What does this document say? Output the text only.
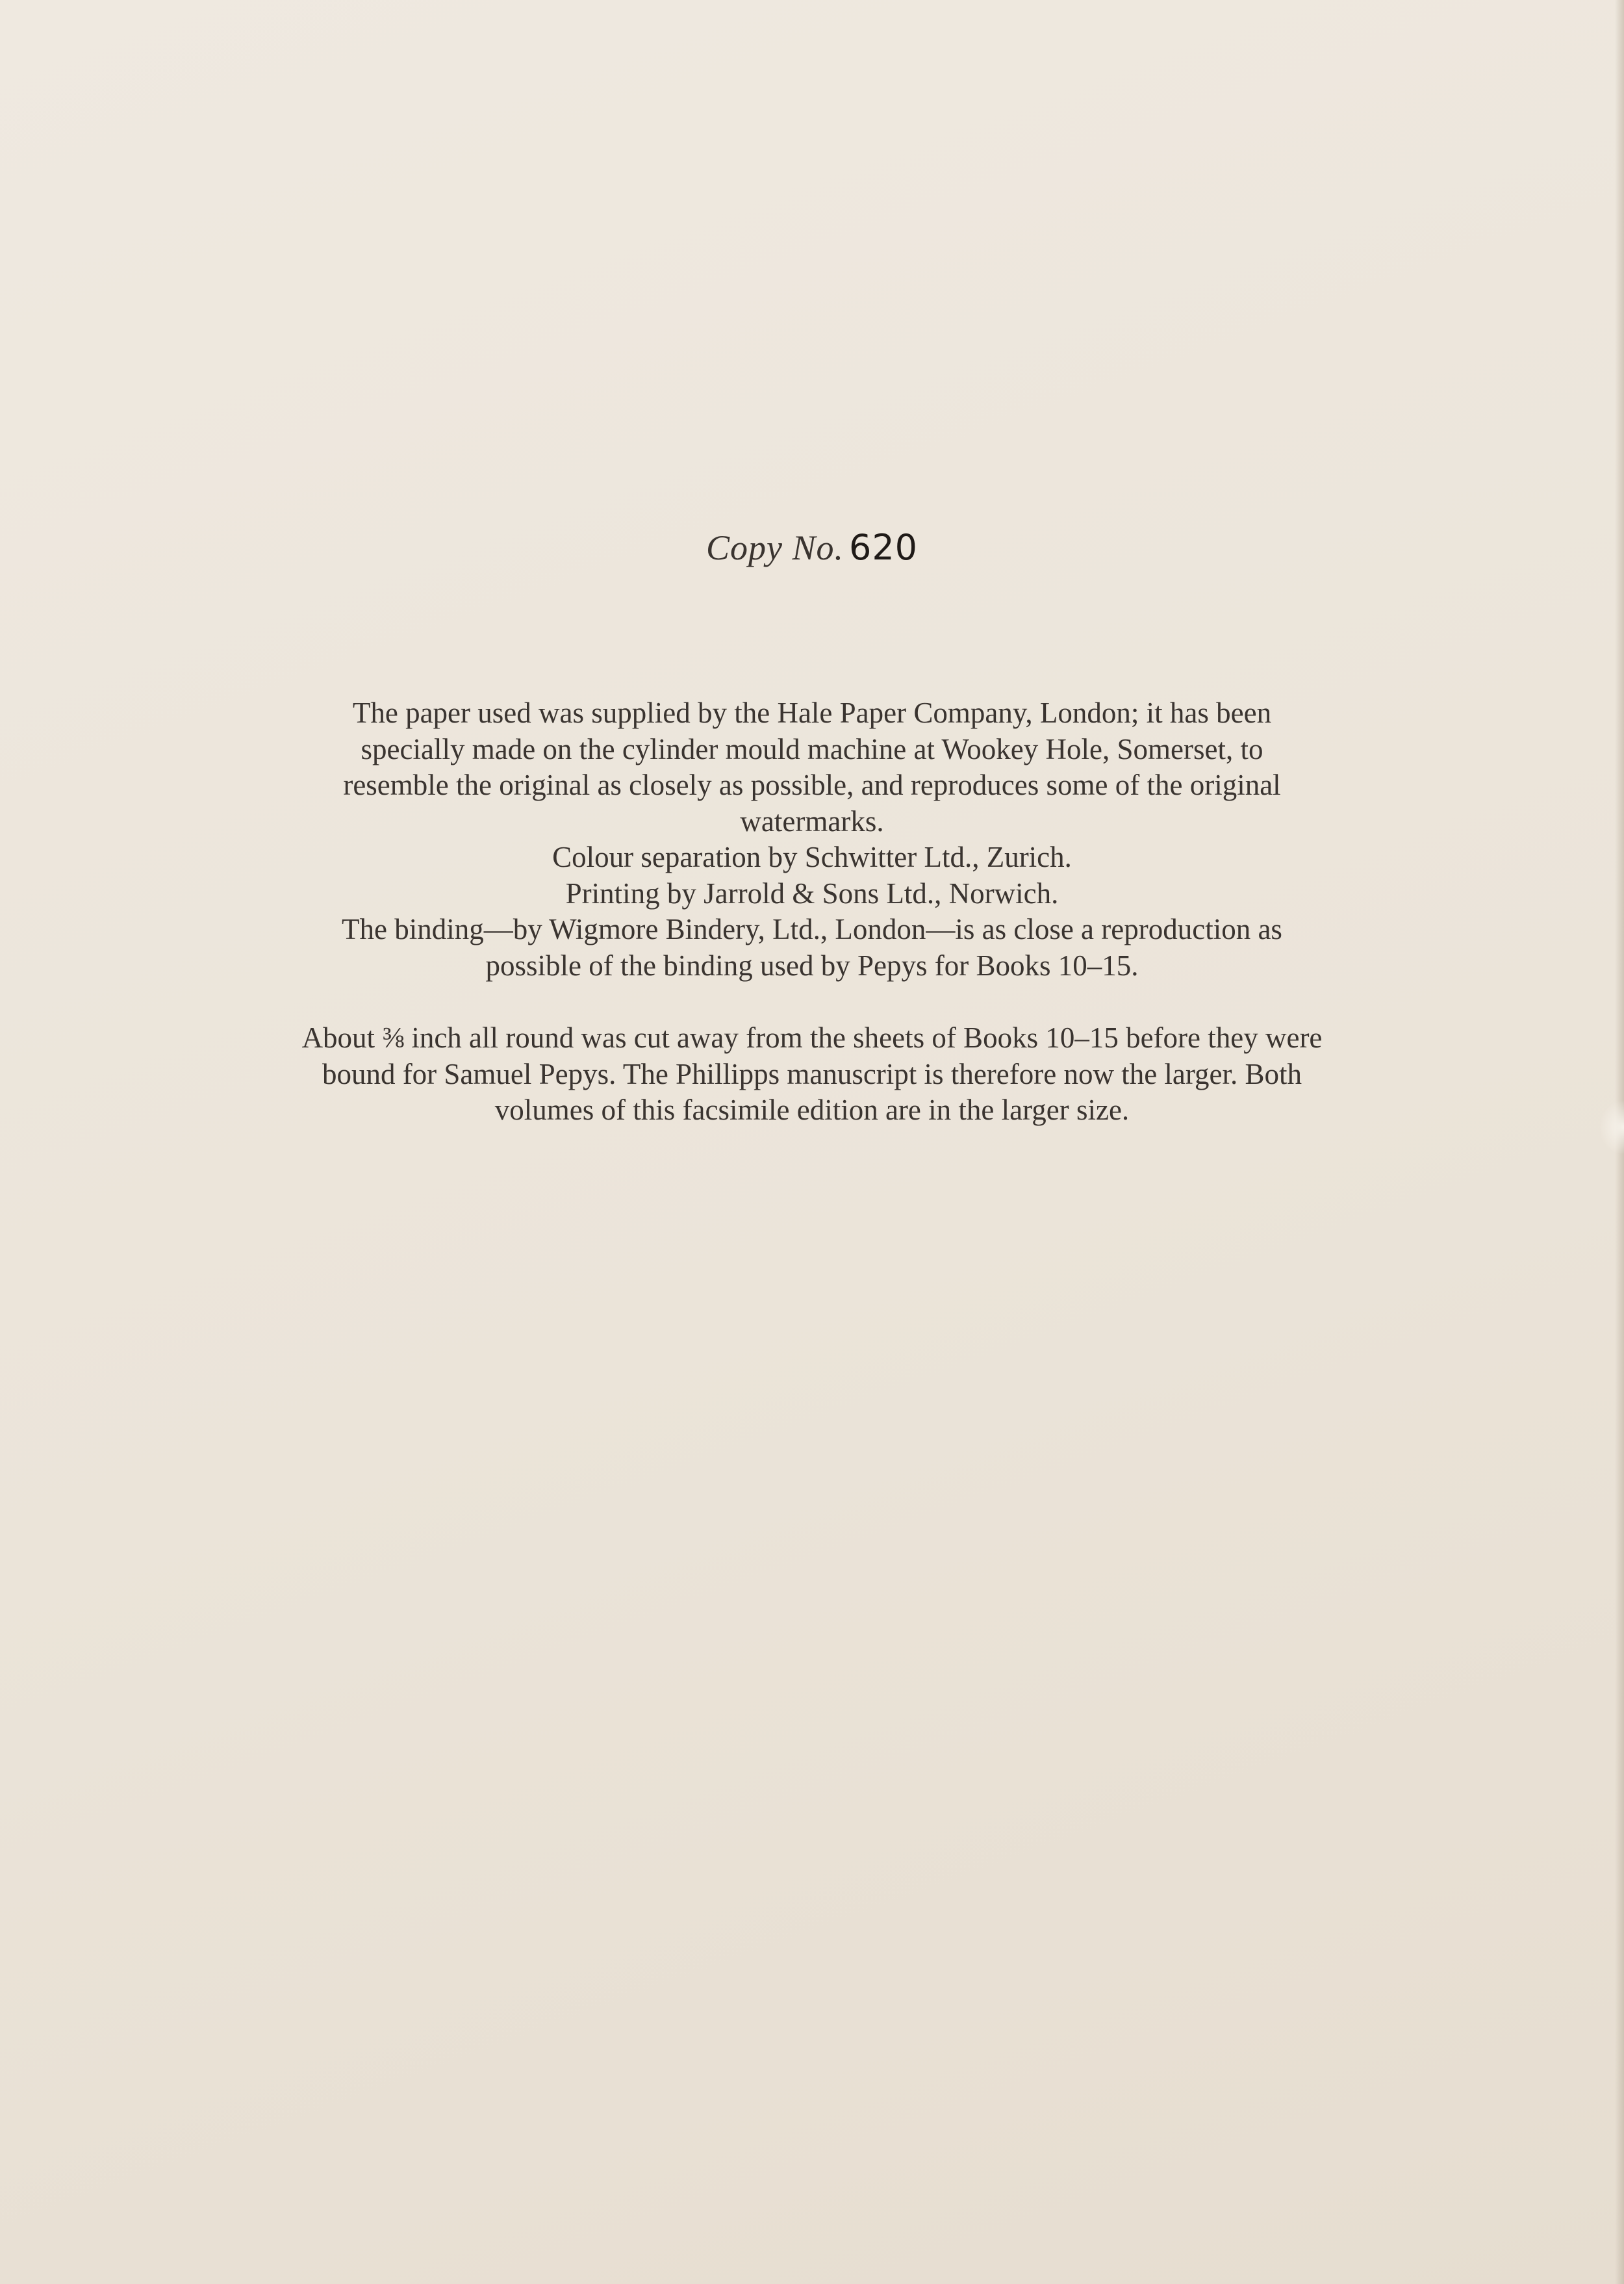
Copy No. 620

The paper used was supplied by the Hale Paper Company, London; it has been

specially made on the cylinder mould machine at Wookey Hole, Somerset, to

resemble the original as closely as possible, and reproduces some of the original

watermarks.

Colour separation by Schwitter Ltd., Zurich.

Printing by Jarrold & Sons Ltd., Norwich.

The binding—by Wigmore Bindery, Ltd., London—is as close a reproduction as

possible of the binding used by Pepys for Books 10–15.

About ⅜ inch all round was cut away from the sheets of Books 10–15 before they were

bound for Samuel Pepys. The Phillipps manuscript is therefore now the larger. Both

volumes of this facsimile edition are in the larger size.
